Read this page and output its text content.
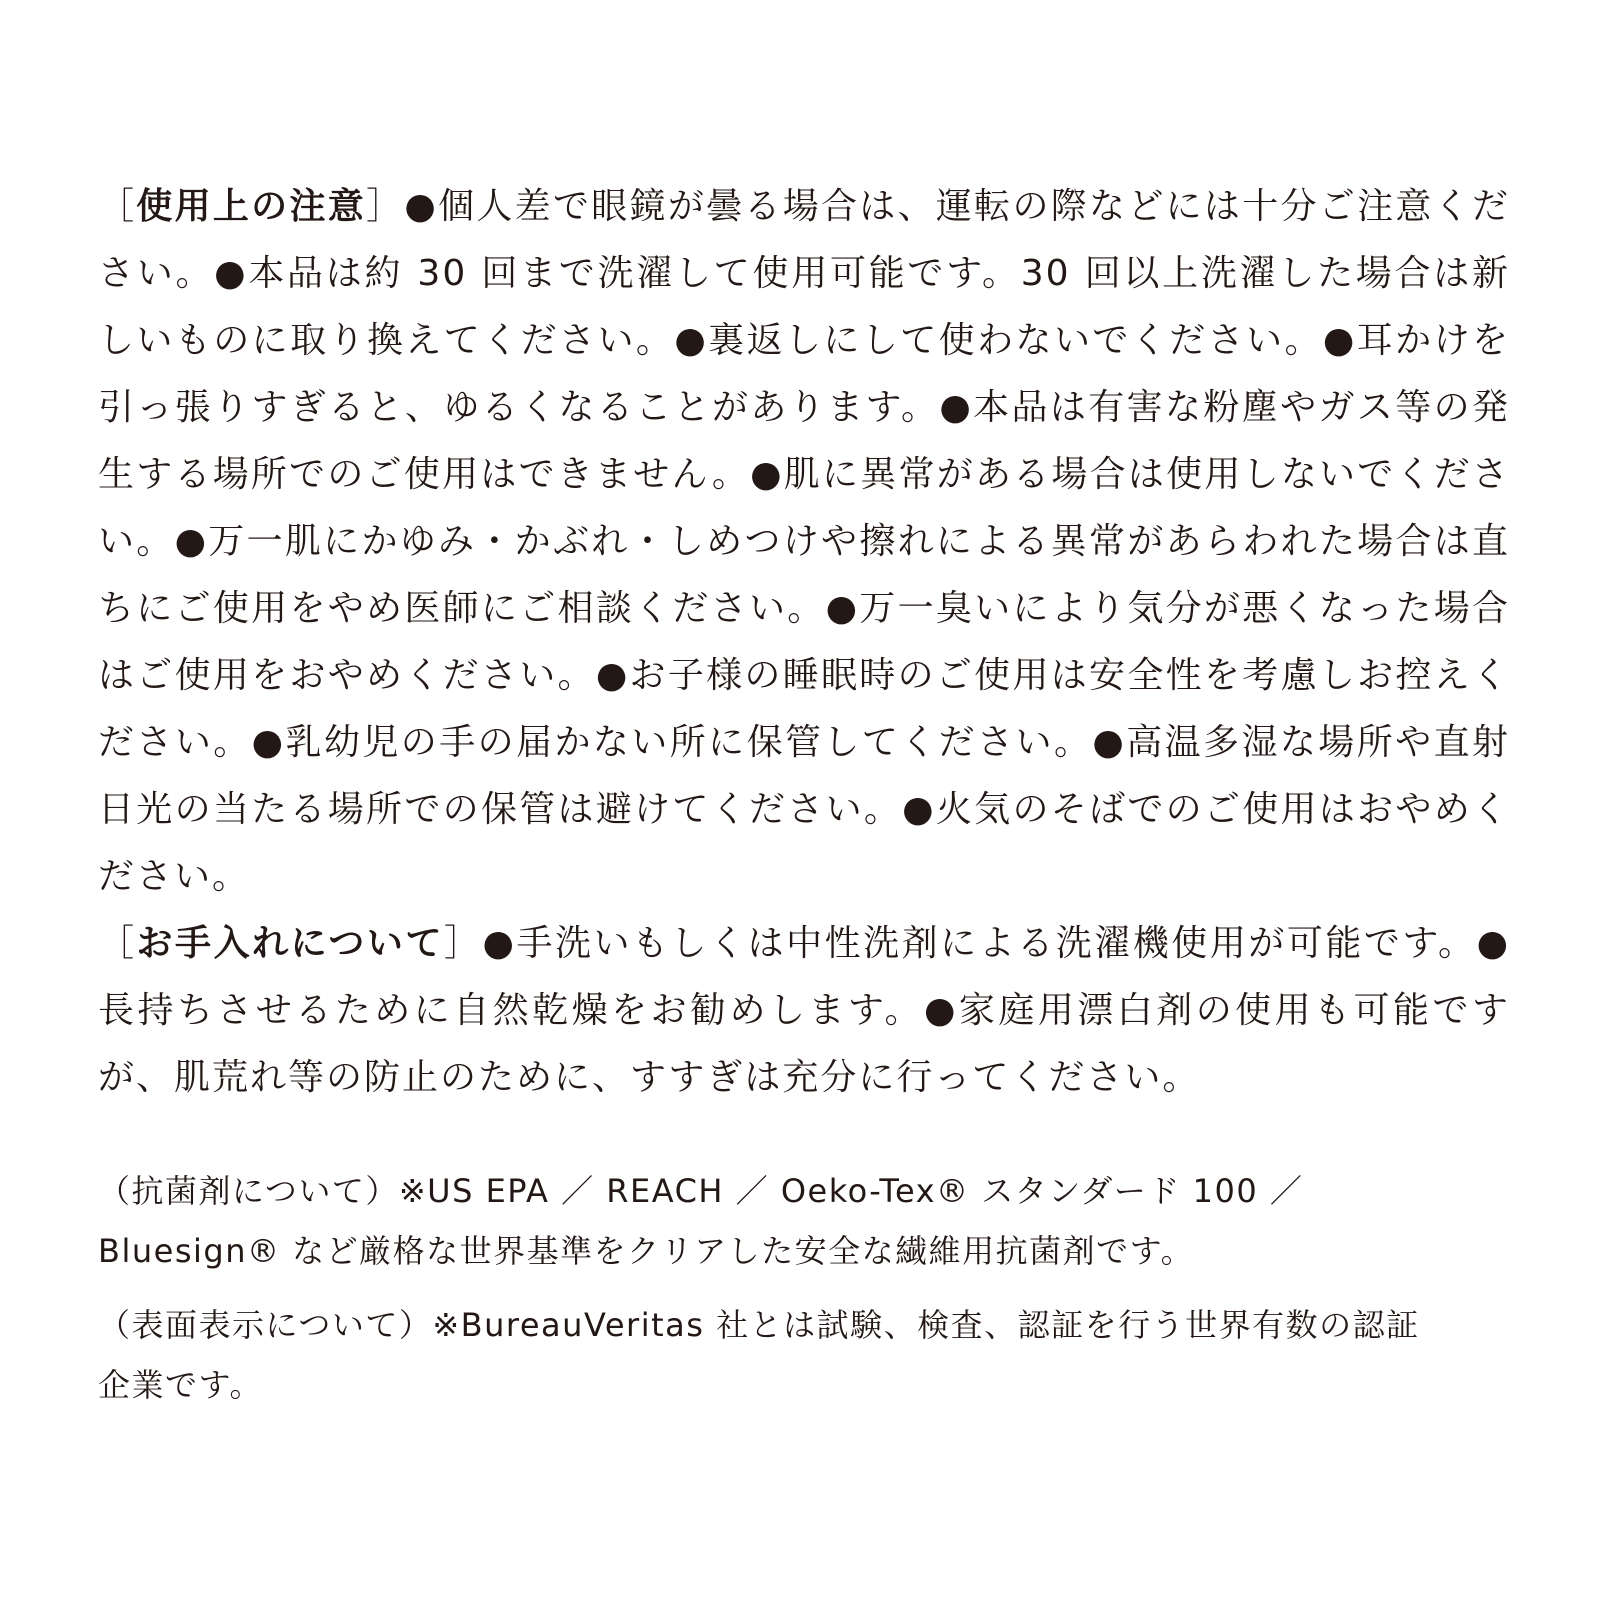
［使用上の注意］●個人差で眼鏡が曇る場合は、運転の際などには十分ご注意ください。●本品は約 30 回まで洗濯して使用可能です。30 回以上洗濯した場合は新しいものに取り換えてください。●裏返しにして使わないでください。●耳かけを引っ張りすぎると、ゆるくなることがあります。●本品は有害な粉塵やガス等の発生する場所でのご使用はできません。●肌に異常がある場合は使用しないでください。●万一肌にかゆみ・かぶれ・しめつけや擦れによる異常があらわれた場合は直ちにご使用をやめ医師にご相談ください。●万一臭いにより気分が悪くなった場合はご使用をおやめください。●お子様の睡眠時のご使用は安全性を考慮しお控えください。●乳幼児の手の届かない所に保管してください。●高温多湿な場所や直射日光の当たる場所での保管は避けてください。●火気のそばでのご使用はおやめください。

［お手入れについて］●手洗いもしくは中性洗剤による洗濯機使用が可能です。●長持ちさせるために自然乾燥をお勧めします。●家庭用漂白剤の使用も可能ですが、肌荒れ等の防止のために、すすぎは充分に行ってください。

（抗菌剤について）※US EPA ／ REACH ／ Oeko-Tex® スタンダード 100 ／ Bluesign® など厳格な世界基準をクリアした安全な繊維用抗菌剤です。

（表面表示について）※BureauVeritas 社とは試験、検査、認証を行う世界有数の認証企業です。
